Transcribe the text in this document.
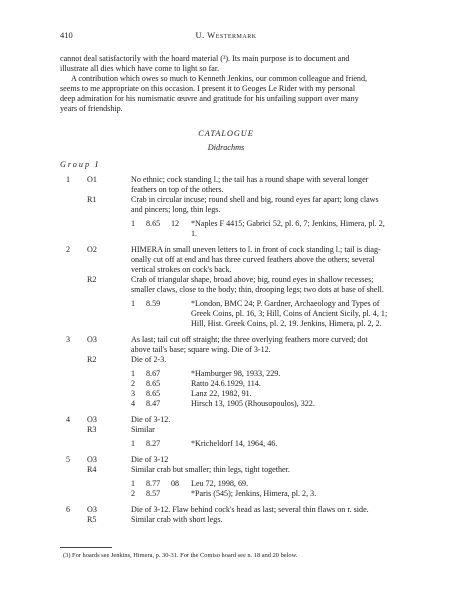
410	U. Westermark
cannot deal satisfactorily with the hoard material (³). Its main purpose is to document and
illustrate all dies which have come to light so far.
A contribution which owes so much to Kenneth Jenkins, our common colleague and friend,
seems to me appropriate on this occasion. I present it to Geoges Le Rider with my personal
deep admiration for his numismatic œuvre and gratitude for his unfailing support over many
years of friendship.
CATALOGUE
Didrachms
Group I
1 O1	No ethnic; cock standing l.; the tail has a round shape with several longer
feathers on top of the others.
R1	Crab in circular incuse; round shell and big, round eyes far apart; long claws
and pincers; long, thin legs.
1 8.65 12 *Naples F 4415; Gabrici 52, pl. 6, 7; Jenkins, Himera, pl. 2,
1.
2 O2	HIMERA in small uneven letters to l. in front of cock standing l.; tail is diag-
onally cut off at end and has three curved feathers above the others; several
vertical strokes on cock's back.
R2	Crab of triangular shape, broad above; big, round eyes in shallow recesses;
smaller claws, close to the body; thin, drooping legs; two dots at base of shell.
1 8.59	*London, BMC 24; P. Gardner, Archaeology and Types of
Greek Coins, pl. 16, 3; Hill, Coins of Ancient Sicily, pl. 4, 1;
Hill, Hist. Greek Coins, pl. 2, 19. Jenkins, Himera, pl. 2, 2.
3 O3	As last; tail cut off straight; the three overlying feathers more curved; dot
above tail's base; square wing. Die of 3-12.
R2	Die of 2-3.
1 8.67	*Hamburger 98, 1933, 229.
2 8.65	Ratto 24.6.1929, 114.
3 8.65	Lanz 22, 1982, 91.
4 8.47	Hirsch 13, 1905 (Rhousopoulos), 322.
4 O3	Die of 3-12.
R3	Similar
1 8.27	*Kricheldorf 14, 1964, 46.
5 O3	Die of 3-12
R4	Similar crab but smaller; thin legs, tight together.
1 8.77 08 Leu 72, 1998, 69.
2 8.57	*Paris (545); Jenkins, Himera, pl. 2, 3.
6 O3	Die of 3-12. Flaw behind cock's head as last; several thin flaws on r. side.
R5	Similar crab with short legs.
(3) For hoards see Jenkins, Himera, p. 30-31. For the Comiso hoard see n. 18 and 20 below.
